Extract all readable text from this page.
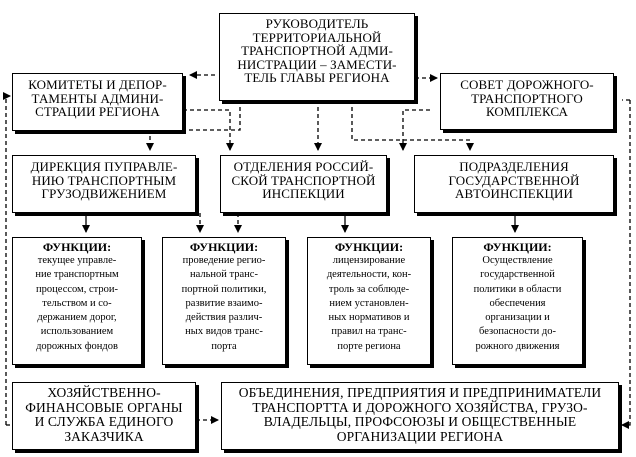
РУКОВОДИТЕЛЬ
ТЕРРИТОРИАЛЬНОЙ
ТРАНСПОРТНОЙ АДМИ-
НИСТРАЦИИ – ЗАМЕСТИ-
ТЕЛЬ ГЛАВЫ РЕГИОНА
КОМИТЕТЫ И ДЕПОР-
ТАМЕНТЫ АДМИНИ-
СТРАЦИИ РЕГИОНА
СОВЕТ ДОРОЖНОГО-
ТРАНСПОРТНОГО
КОМПЛЕКСА
ДИРЕКЦИЯ ПУПРАВЛЕ-
НИЮ ТРАНСПОРТНЫМ
ГРУЗОДВИЖЕНИЕМ
ОТДЕЛЕНИЯ РОССИЙ-
СКОЙ ТРАНСПОРТНОЙ
ИНСПЕКЦИИ
ПОДРАЗДЕЛЕНИЯ
ГОСУДАРСТВЕННОЙ
АВТОИНСПЕКЦИИ
ФУНКЦИИ:
текущее управле-
ние транспортным
процессом, строи-
тельством и со-
держанием дорог,
использованием
дорожных фондов
ФУНКЦИИ:
проведение регио-
нальной транс-
портной политики,
развитие взаимо-
действия различ-
ных видов транс-
порта
ФУНКЦИИ:
лицензирование
деятельности, кон-
троль за соблюде-
нием установлен-
ных нормативов и
правил на транс-
порте региона
ФУНКЦИИ:
Осуществление
государственной
политики в области
обеспечения
организации и
безопасности до-
рожного движения
ХОЗЯЙСТВЕННО-
ФИНАНСОВЫЕ ОРГАНЫ
И СЛУЖБА ЕДИНОГО
ЗАКАЗЧИКА
ОБЪЕДИНЕНИЯ, ПРЕДПРИЯТИЯ И ПРЕДПРИНИМАТЕЛИ
ТРАНСПОРТТА И ДОРОЖНОГО ХОЗЯЙСТВА, ГРУЗО-
ВЛАДЕЛЬЦЫ, ПРОФСОЮЗЫ И ОБЩЕСТВЕННЫЕ
ОРГАНИЗАЦИИ РЕГИОНА
